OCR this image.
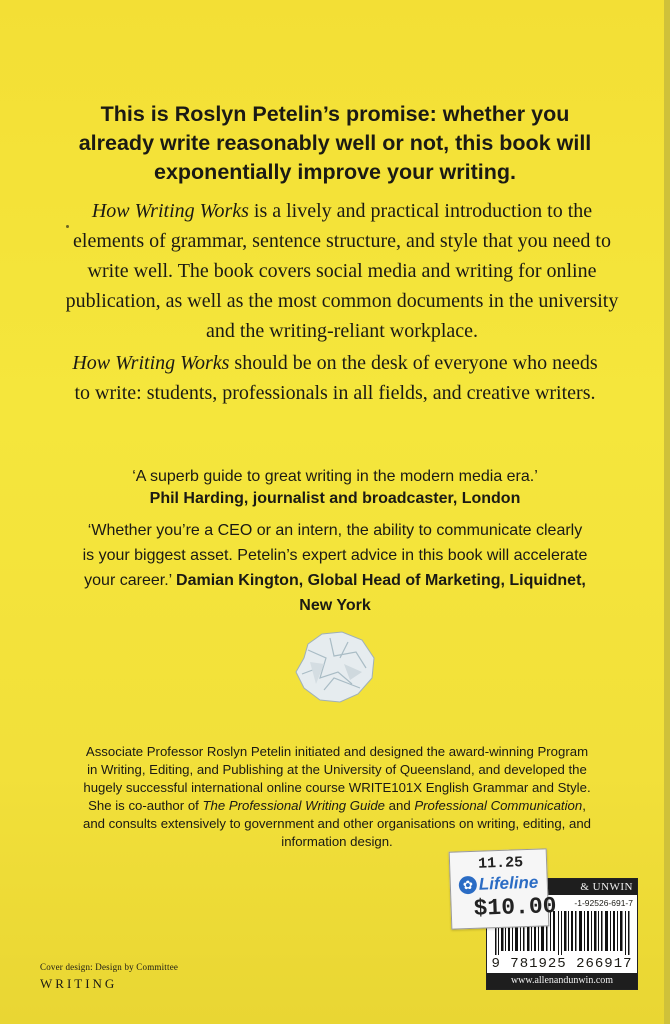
This is Roslyn Petelin’s promise: whether you already write reasonably well or not, this book will exponentially improve your writing.
How Writing Works is a lively and practical introduction to the elements of grammar, sentence structure, and style that you need to write well. The book covers social media and writing for online publication, as well as the most common documents in the university and the writing-reliant workplace.
How Writing Works should be on the desk of everyone who needs to write: students, professionals in all fields, and creative writers.
‘A superb guide to great writing in the modern media era.’
Phil Harding, journalist and broadcaster, London
‘Whether you’re a CEO or an intern, the ability to communicate clearly is your biggest asset. Petelin’s expert advice in this book will accelerate your career.’ Damian Kington, Global Head of Marketing, Liquidnet, New York
Associate Professor Roslyn Petelin initiated and designed the award-winning Program in Writing, Editing, and Publishing at the University of Queensland, and developed the hugely successful international online course WRITE101X English Grammar and Style. She is co-author of The Professional Writing Guide and Professional Communication, and consults extensively to government and other organisations on writing, editing, and information design.
Cover design: Design by Committee
WRITING
& UNWIN
-1-92526-691-7
9 781925 266917
www.allenandunwin.com
11.25
✿ Lifeline
$10.00
